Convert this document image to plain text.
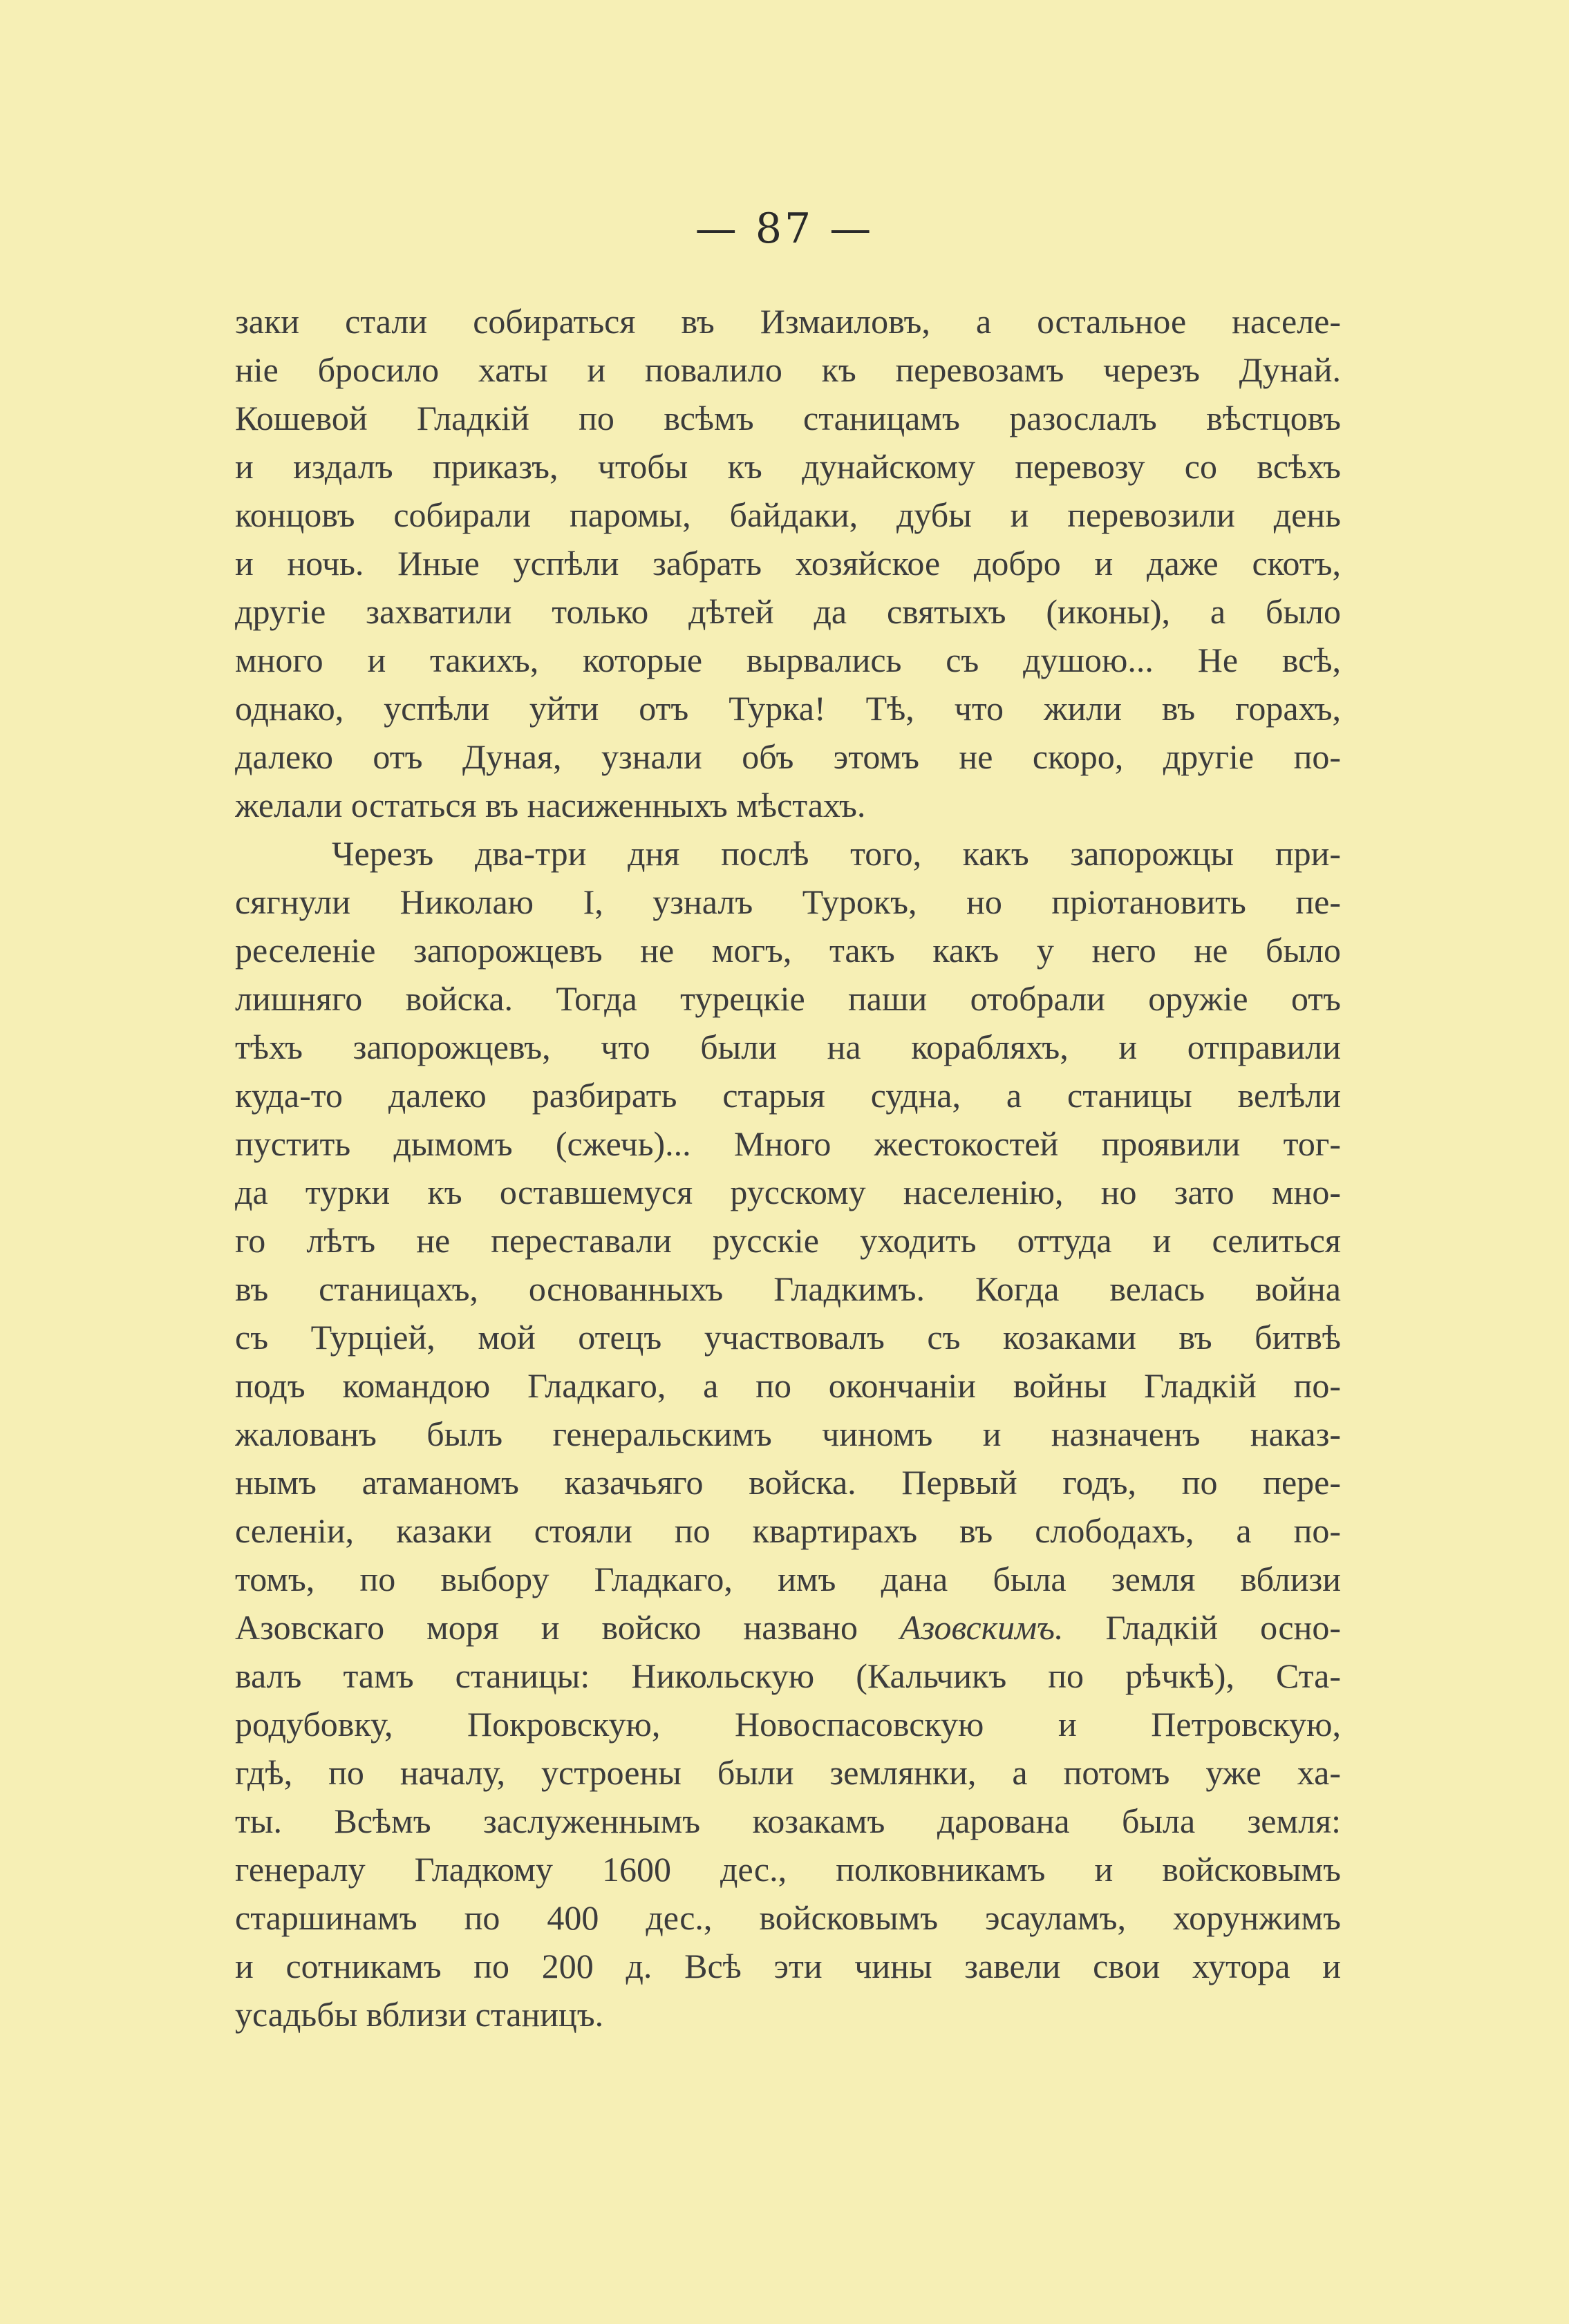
— 87 —
заки стали собираться въ Измаиловъ, а остальное населе-
ніе бросило хаты и повалило къ перевозамъ черезъ Дунай.
Кошевой Гладкій по всѣмъ станицамъ разослалъ вѣстцовъ
и издалъ приказъ, чтобы къ дунайскому перевозу со всѣхъ
концовъ собирали паромы, байдаки, дубы и перевозили день
и ночь. Иные успѣли забрать хозяйское добро и даже скотъ,
другіе захватили только дѣтей да святыхъ (иконы), а было
много и такихъ, которые вырвались съ душою... Не всѣ,
однако, успѣли уйти отъ Турка! Тѣ, что жили въ горахъ,
далеко отъ Дуная, узнали объ этомъ не скоро, другіе по-
желали остаться въ насиженныхъ мѣстахъ.
Черезъ два-три дня послѣ того, какъ запорожцы при-
сягнули Николаю I, узналъ Турокъ, но пріотановить пе-
реселеніе запорожцевъ не могъ, такъ какъ у него не было
лишняго войска. Тогда турецкіе паши отобрали оружіе отъ
тѣхъ запорожцевъ, что были на корабляхъ, и отправили
куда-то далеко разбирать старыя судна, а станицы велѣли
пустить дымомъ (сжечь)... Много жестокостей проявили тог-
да турки къ оставшемуся русскому населенію, но зато мно-
го лѣтъ не переставали русскіе уходить оттуда и селиться
въ станицахъ, основанныхъ Гладкимъ. Когда велась война
съ Турціей, мой отецъ участвовалъ съ козаками въ битвѣ
подъ командою Гладкаго, а по окончаніи войны Гладкій по-
жалованъ былъ генеральскимъ чиномъ и назначенъ наказ-
нымъ атаманомъ казачьяго войска. Первый годъ, по пере-
селеніи, казаки стояли по квартирахъ въ слободахъ, а по-
томъ, по выбору Гладкаго, имъ дана была земля вблизи
Азовскаго моря и войско названо Азовскимъ. Гладкій осно-
валъ тамъ станицы: Никольскую (Кальчикъ по рѣчкѣ), Ста-
родубовку, Покровскую, Новоспасовскую и Петровскую,
гдѣ, по началу, устроены были землянки, а потомъ уже ха-
ты. Всѣмъ заслуженнымъ козакамъ дарована была земля:
генералу Гладкому 1600 дес., полковникамъ и войсковымъ
старшинамъ по 400 дес., войсковымъ эсауламъ, хорунжимъ
и сотникамъ по 200 д. Всѣ эти чины завели свои хутора и
усадьбы вблизи станицъ.
